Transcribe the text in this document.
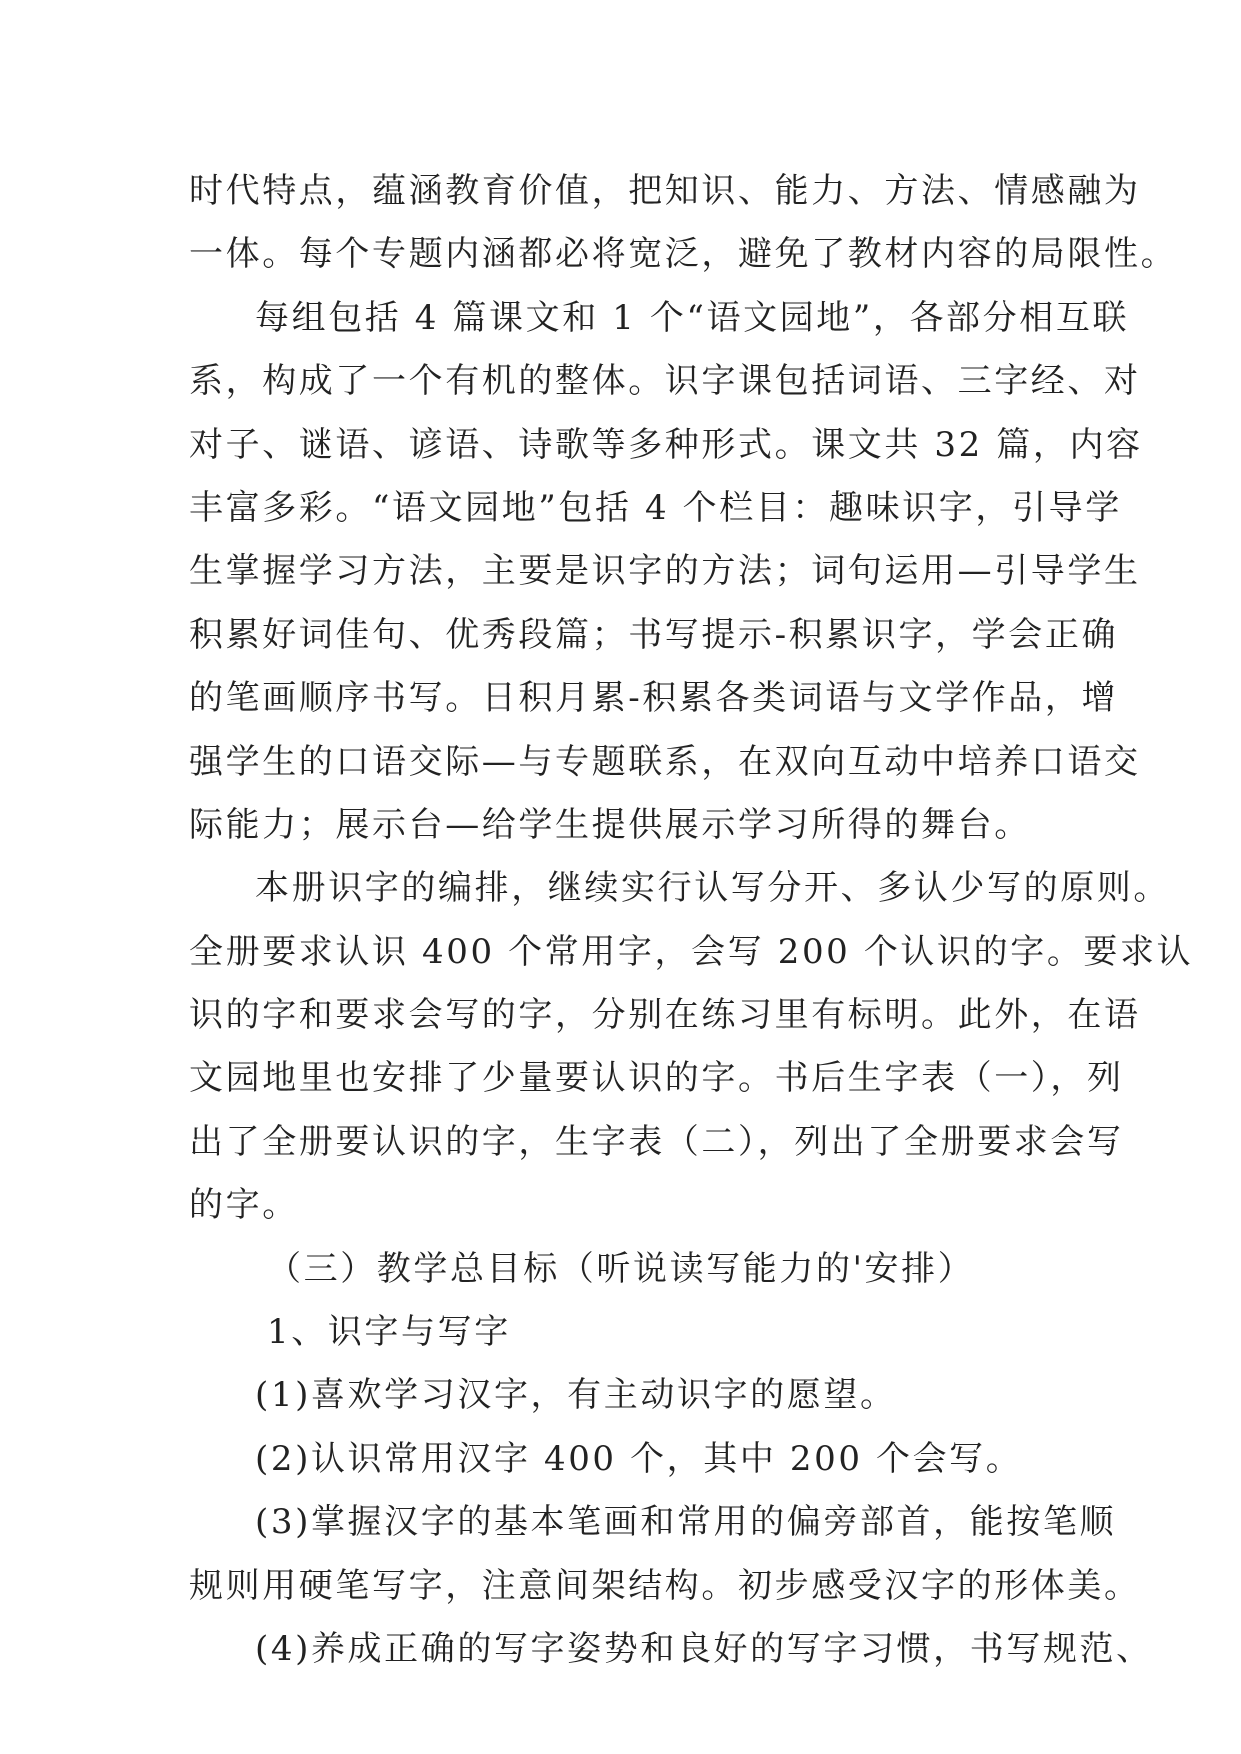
时代特点，蕴涵教育价值，把知识、能力、方法、情感融为
一体。每个专题内涵都必将宽泛，避免了教材内容的局限性。
每组包括 4 篇课文和 1 个“语文园地”，各部分相互联
系，构成了一个有机的整体。识字课包括词语、三字经、对
对子、谜语、谚语、诗歌等多种形式。课文共 32 篇，内容
丰富多彩。“语文园地”包括 4 个栏目：趣味识字，引导学
生掌握学习方法，主要是识字的方法；词句运用—引导学生
积累好词佳句、优秀段篇；书写提示-积累识字，学会正确
的笔画顺序书写。日积月累-积累各类词语与文学作品，增
强学生的口语交际—与专题联系，在双向互动中培养口语交
际能力；展示台—给学生提供展示学习所得的舞台。
本册识字的编排，继续实行认写分开、多认少写的原则。
全册要求认识 400 个常用字，会写 200 个认识的字。要求认
识的字和要求会写的字，分别在练习里有标明。此外，在语
文园地里也安排了少量要认识的字。书后生字表（一），列
出了全册要认识的字，生字表（二），列出了全册要求会写
的字。
（三）教学总目标（听说读写能力的'安排）
1、识字与写字
(1)喜欢学习汉字，有主动识字的愿望。
(2)认识常用汉字 400 个，其中 200 个会写。
(3)掌握汉字的基本笔画和常用的偏旁部首，能按笔顺
规则用硬笔写字，注意间架结构。初步感受汉字的形体美。
(4)养成正确的写字姿势和良好的写字习惯，书写规范、
